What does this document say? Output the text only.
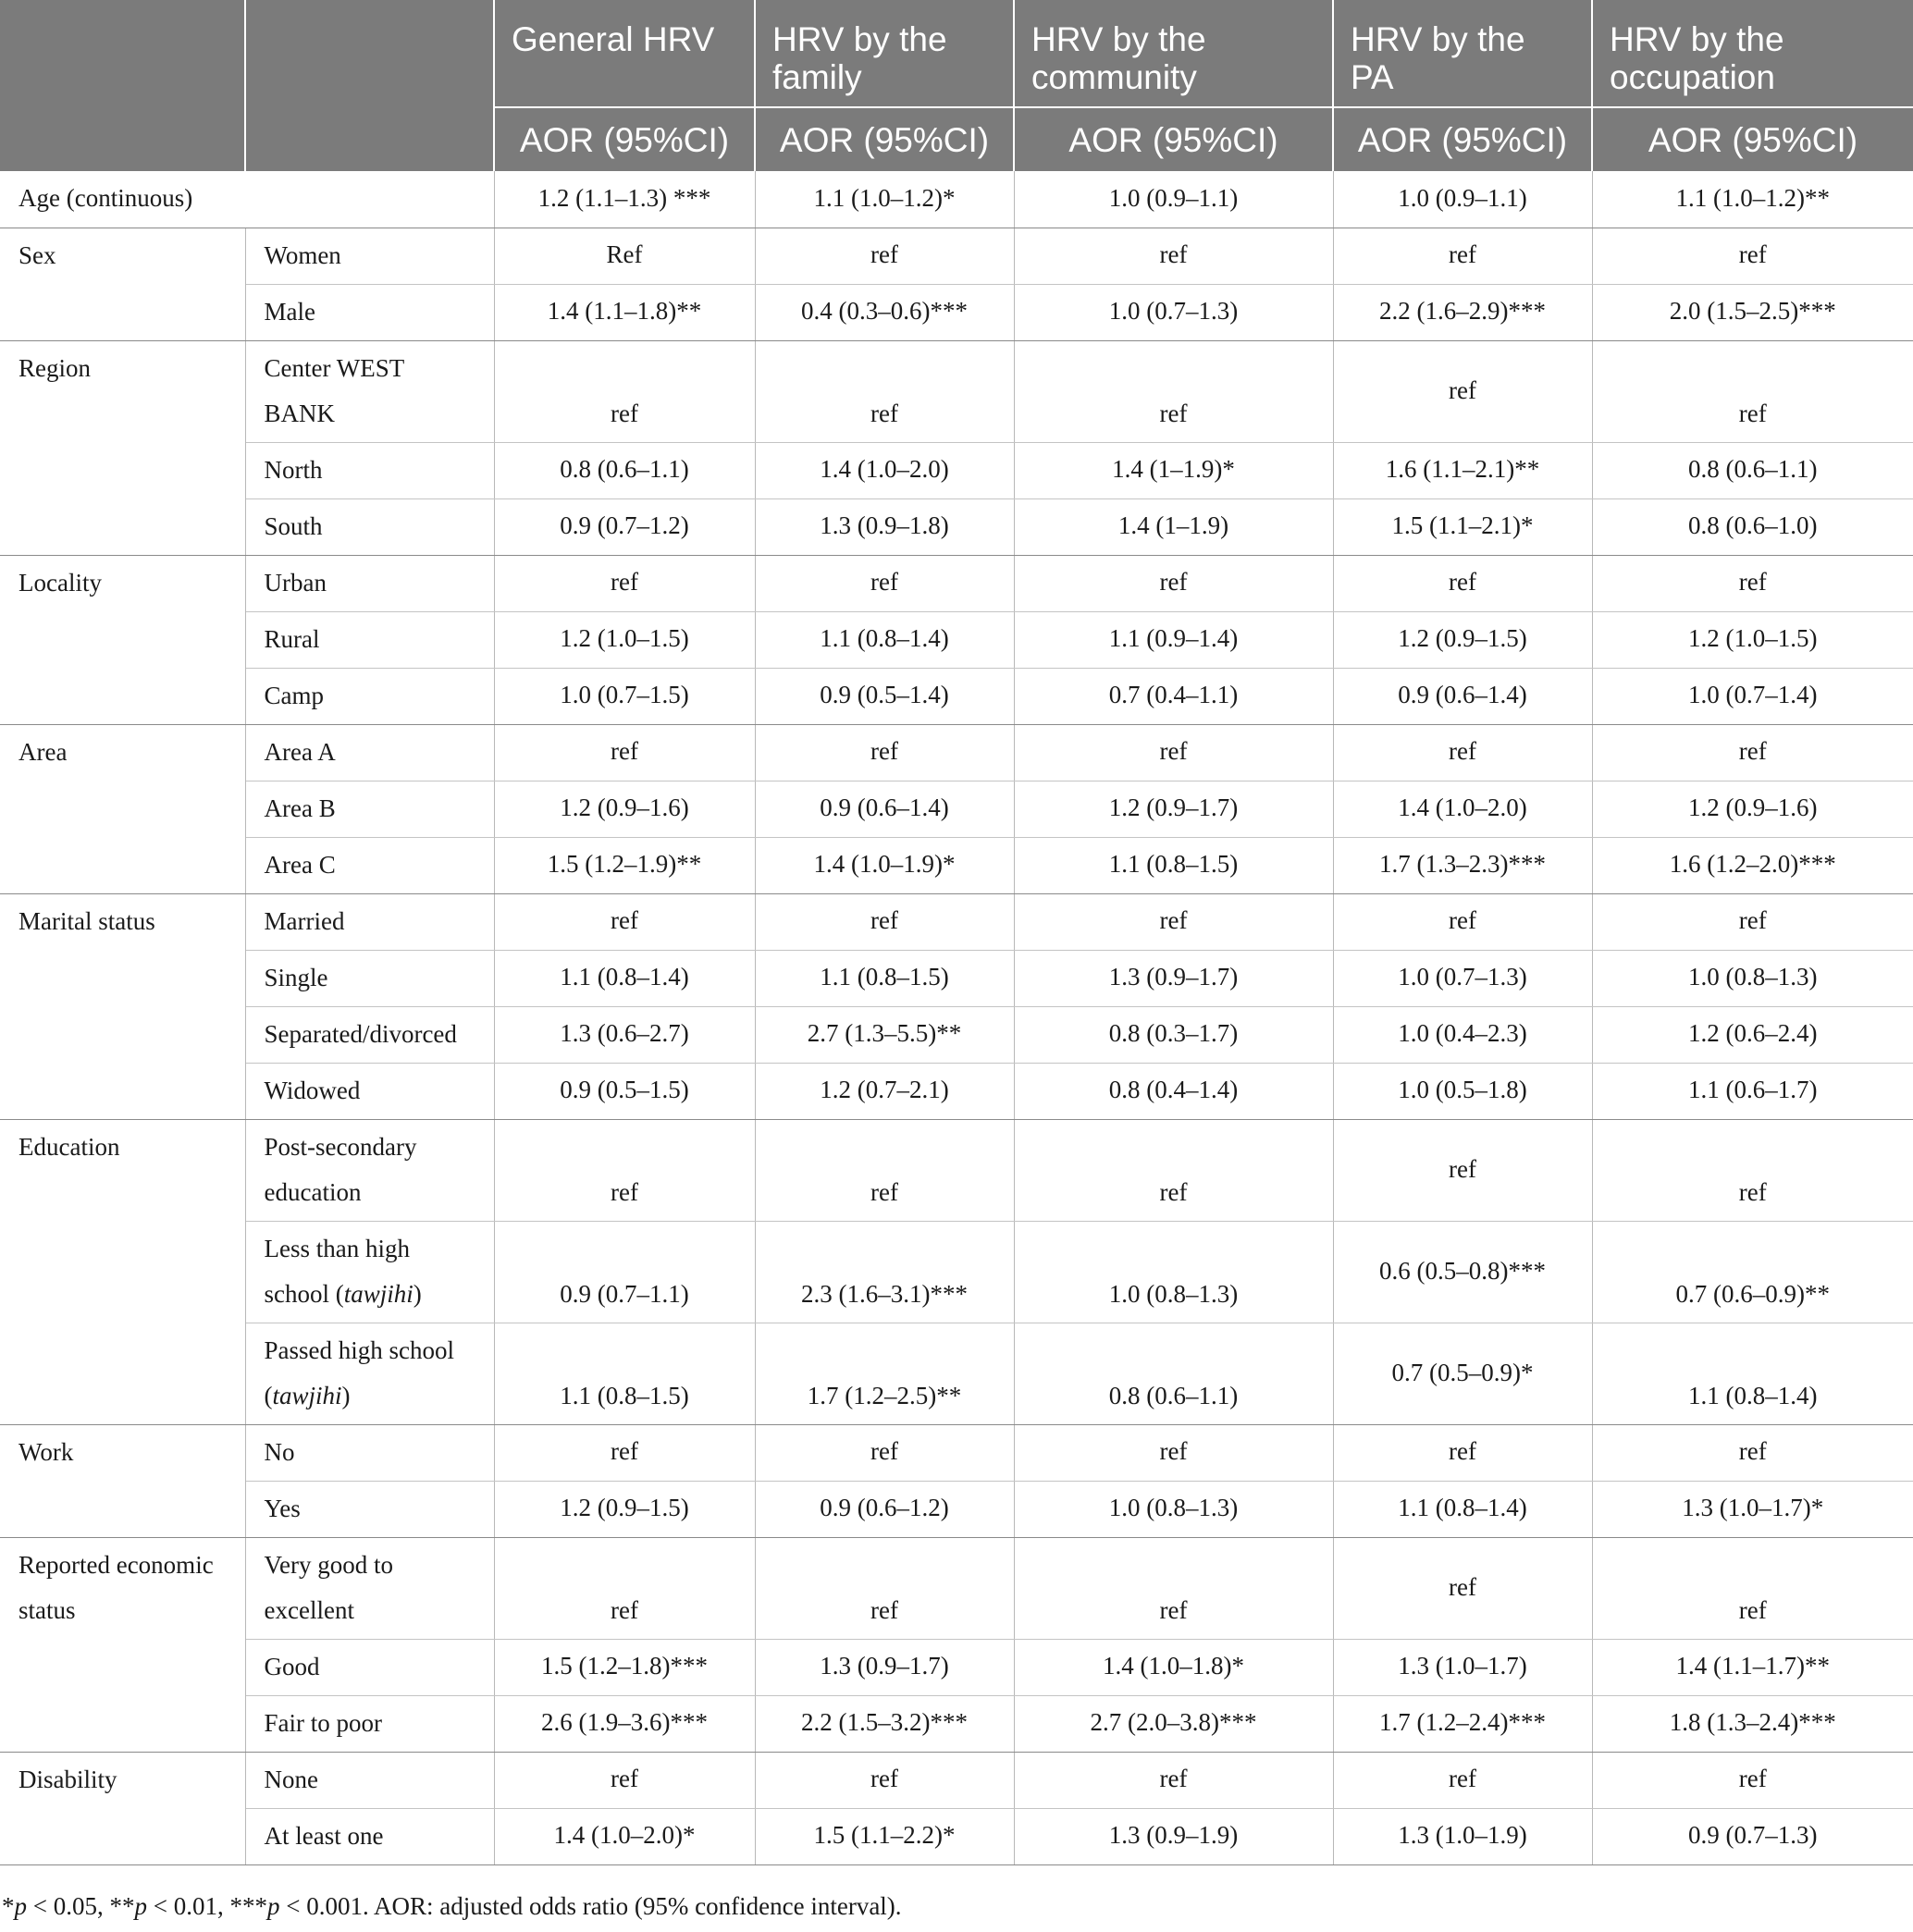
		General HRV	HRV by the family	HRV by the community	HRV by the PA	HRV by the occupation
		AOR (95%CI)	AOR (95%CI)	AOR (95%CI)	AOR (95%CI)	AOR (95%CI)
Age (continuous)		1.2 (1.1–1.3) ***	1.1 (1.0–1.2)*	1.0 (0.9–1.1)	1.0 (0.9–1.1)	1.1 (1.0–1.2)**
Sex	Women	Ref	ref	ref	ref	ref
	Male	1.4 (1.1–1.8)**	0.4 (0.3–0.6)***	1.0 (0.7–1.3)	2.2 (1.6–2.9)***	2.0 (1.5–2.5)***
Region	Center WEST BANK	ref	ref	ref	ref	ref
	North	0.8 (0.6–1.1)	1.4 (1.0–2.0)	1.4 (1–1.9)*	1.6 (1.1–2.1)**	0.8 (0.6–1.1)
	South	0.9 (0.7–1.2)	1.3 (0.9–1.8)	1.4 (1–1.9)	1.5 (1.1–2.1)*	0.8 (0.6–1.0)
Locality	Urban	ref	ref	ref	ref	ref
	Rural	1.2 (1.0–1.5)	1.1 (0.8–1.4)	1.1 (0.9–1.4)	1.2 (0.9–1.5)	1.2 (1.0–1.5)
	Camp	1.0 (0.7–1.5)	0.9 (0.5–1.4)	0.7 (0.4–1.1)	0.9 (0.6–1.4)	1.0 (0.7–1.4)
Area	Area A	ref	ref	ref	ref	ref
	Area B	1.2 (0.9–1.6)	0.9 (0.6–1.4)	1.2 (0.9–1.7)	1.4 (1.0–2.0)	1.2 (0.9–1.6)
	Area C	1.5 (1.2–1.9)**	1.4 (1.0–1.9)*	1.1 (0.8–1.5)	1.7 (1.3–2.3)***	1.6 (1.2–2.0)***
Marital status	Married	ref	ref	ref	ref	ref
	Single	1.1 (0.8–1.4)	1.1 (0.8–1.5)	1.3 (0.9–1.7)	1.0 (0.7–1.3)	1.0 (0.8–1.3)
	Separated/divorced	1.3 (0.6–2.7)	2.7 (1.3–5.5)**	0.8 (0.3–1.7)	1.0 (0.4–2.3)	1.2 (0.6–2.4)
	Widowed	0.9 (0.5–1.5)	1.2 (0.7–2.1)	0.8 (0.4–1.4)	1.0 (0.5–1.8)	1.1 (0.6–1.7)
Education	Post-secondary education	ref	ref	ref	ref	ref
	Less than high school (tawjihi)	0.9 (0.7–1.1)	2.3 (1.6–3.1)***	1.0 (0.8–1.3)	0.6 (0.5–0.8)***	0.7 (0.6–0.9)**
	Passed high school (tawjihi)	1.1 (0.8–1.5)	1.7 (1.2–2.5)**	0.8 (0.6–1.1)	0.7 (0.5–0.9)*	1.1 (0.8–1.4)
Work	No	ref	ref	ref	ref	ref
	Yes	1.2 (0.9–1.5)	0.9 (0.6–1.2)	1.0 (0.8–1.3)	1.1 (0.8–1.4)	1.3 (1.0–1.7)*
Reported economic status	Very good to excellent	ref	ref	ref	ref	ref
	Good	1.5 (1.2–1.8)***	1.3 (0.9–1.7)	1.4 (1.0–1.8)*	1.3 (1.0–1.7)	1.4 (1.1–1.7)**
	Fair to poor	2.6 (1.9–3.6)***	2.2 (1.5–3.2)***	2.7 (2.0–3.8)***	1.7 (1.2–2.4)***	1.8 (1.3–2.4)***
Disability	None	ref	ref	ref	ref	ref
	At least one	1.4 (1.0–2.0)*	1.5 (1.1–2.2)*	1.3 (0.9–1.9)	1.3 (1.0–1.9)	0.9 (0.7–1.3)
*p < 0.05, **p < 0.01, ***p < 0.001. AOR: adjusted odds ratio (95% confidence interval).
